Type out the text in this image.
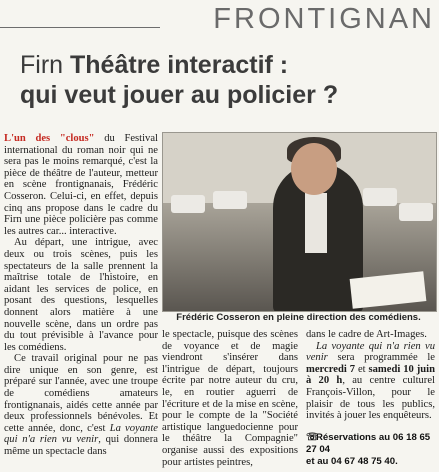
FRONTIGNAN
Firn Théâtre interactif :
qui veut jouer au policier ?

L'un des "clous" du Festival international du roman noir qui ne sera pas le moins remarqué, c'est la pièce de théâtre de l'auteur, metteur en scène frontignanais, Frédéric Cosseron. Celui-ci, en effet, depuis cinq ans propose dans le cadre du Firn une pièce policière pas comme les autres car... interactive.

Au départ, une intrigue, avec deux ou trois scènes, puis les spectateurs de la salle prennent la maîtrise totale de l'histoire, en aidant les services de police, en posant des questions, lesquelles donnent alors matière à une nouvelle scène, dans un ordre pas du tout prévisible à l'avance pour les comédiens.

Ce travail original pour ne pas dire unique en son genre, est préparé sur l'année, avec une troupe de comédiens amateurs frontignanais, aidés cette année par deux professionnels bénévoles. Et cette année, donc, c'est La voyante qui n'a rien vu venir, qui donnera même un spectacle dans

Frédéric Cosseron en pleine direction des comédiens.

le spectacle, puisque des scènes de voyance et de magie viendront s'insérer dans l'intrigue de départ, toujours écrite par notre auteur du cru, le, en routier aguerri de l'écriture et de la mise en scène, pour le compte de la "Société artistique languedocienne pour le théâtre la Compagnie" organise aussi des expositions pour artistes peintres,

dans le cadre de Art-Images.

La voyante qui n'a rien vu venir sera programmée le mercredi 7 et samedi 10 juin à 20 h, au centre culturel François-Villon, pour le plaisir de tous les publics, invités à jouer les enquêteurs.

☏Réservations au 06 18 65 27 04
et au 04 67 48 75 40.
